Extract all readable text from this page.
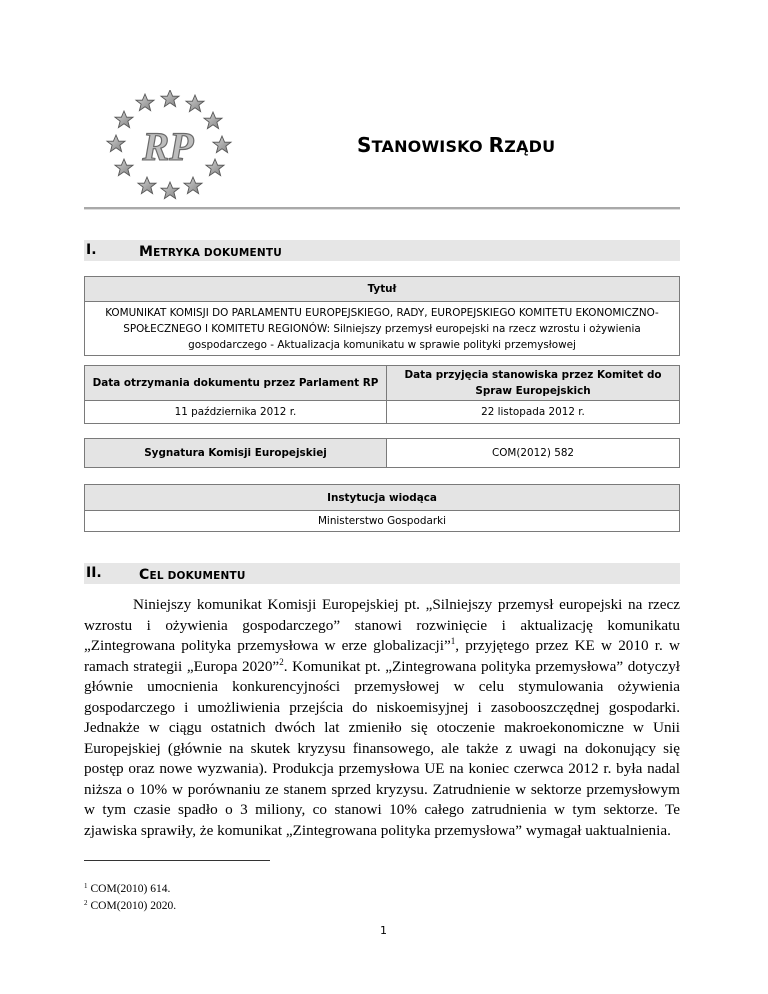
RP	STANOWISKO RZĄDU
I.	METRYKA DOKUMENTU
Tytuł
KOMUNIKAT KOMISJI DO PARLAMENTU EUROPEJSKIEGO, RADY, EUROPEJSKIEGO KOMITETU EKONOMICZNO-SPOŁECZNEGO I KOMITETU REGIONÓW: Silniejszy przemysł europejski na rzecz wzrostu i ożywienia gospodarczego - Aktualizacja komunikatu w sprawie polityki przemysłowej
Data otrzymania dokumentu przez Parlament RP	Data przyjęcia stanowiska przez Komitet do Spraw Europejskich
11 października 2012 r.	22 listopada 2012 r.
Sygnatura Komisji Europejskiej	COM(2012) 582
Instytucja wiodąca
Ministerstwo Gospodarki
II.	CEL DOKUMENTU
Niniejszy komunikat Komisji Europejskiej pt. „Silniejszy przemysł europejski na rzecz wzrostu i ożywienia gospodarczego” stanowi rozwinięcie i aktualizację komunikatu „Zintegrowana polityka przemysłowa w erze globalizacji”$^1$, przyjętego przez KE w 2010 r. w ramach strategii „Europa 2020”$^2$. Komunikat pt. „Zintegrowana polityka przemysłowa” dotyczył głównie umocnienia konkurencyjności przemysłowej w celu stymulowania ożywienia gospodarczego i umożliwienia przejścia do niskoemisyjnej i zasobooszczędnej gospodarki. Jednakże w ciągu ostatnich dwóch lat zmieniło się otoczenie makroekonomiczne w Unii Europejskiej (głównie na skutek kryzysu finansowego, ale także z uwagi na dokonujący się postęp oraz nowe wyzwania). Produkcja przemysłowa UE na koniec czerwca 2012 r. była nadal niższa o 10% w porównaniu ze stanem sprzed kryzysu. Zatrudnienie w sektorze przemysłowym w tym czasie spadło o 3 miliony, co stanowi 10% całego zatrudnienia w tym sektorze. Te zjawiska sprawiły, że komunikat „Zintegrowana polityka przemysłowa” wymagał uaktualnienia.
$^1$ COM(2010) 614.
$^2$ COM(2010) 2020.
1
